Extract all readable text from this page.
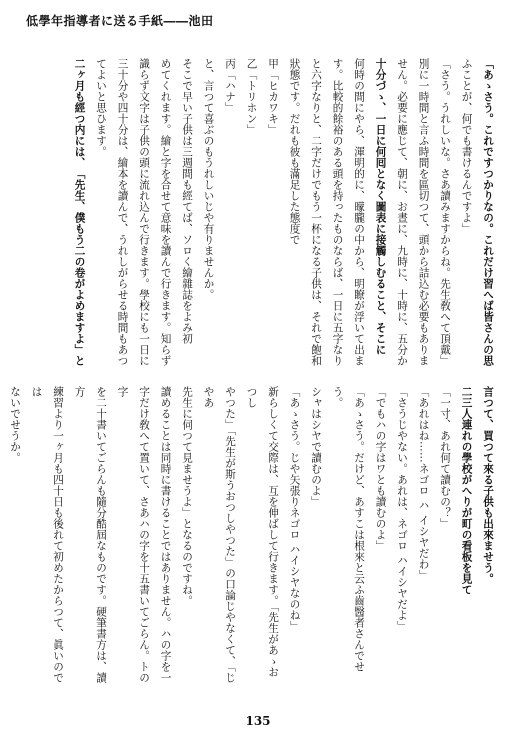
低學年指導者に送る手紙――池田
「あゝさう。これですつかりなの。これだけ習へば皆さんの思
ふことが、何でも書けるんですよ」
「さう。うれしいな。さあ讀みますからね。先生敎へて頂戴」
別に一時間と言ふ時間を區切つて、頭から詰込む必要もありま
せん。必要に應じて、朝に、お晝に、九時に、十時に、五分か
十分づゝ、一日に何囘となく圖表に接觸しむること、そこに
何時の間にやら、渾明的に、曚朧の中から、明瞭が浮いて出ま
す。比較的餘裕のある頭を持ったものならば、一日に五字なり
と六字なりと、二字だけでもう一杯になる子供は、それで飽和
狀態です。だれも彼も滿足した態度で
甲「ヒカワキ」
乙「トリホン」
丙「ハナ」
と、言つて喜ぶのもうれしいじや有りませんか。
そこで早い子供は三週間も經てば、ソロく繪雜誌をよみ初
めてくれます。繪と字を合せて意味を讀んで行きます。知らず
識らず文字は子供の頭に流れ込んで行きます。學校にも一日に
三十分や四十分は、繪本を讀んで、うれしがらせる時間もあつ
てよいと思ひます。
二ヶ月も經つ内には、「先生、僕もう二の卷がよめますよ」と
言つて、買つて來る子供も出來ませう。
二三人連れの學校がへりが町の看板を見て
「一寸、あれ何て讀むの？」
「あれはね……ネゴロ ハ イシヤだわ」
「さうじやない。あれは、ネゴロ ハイシヤだよ」
「でもハの字はワとも讀むのよ」
「あゝさう。だけど、あすこは根來と云ふ齒醫者さんでせう。
シャはシヤで讀むのよ」
「あゝさう。じや矢張りネゴロ ハイシヤなのね」
新らしくて交際は、互を伸ばして行きます。「先生があゝおつし
やつた」「先生が斯うおつしやつた」の口論じやなくて、「じやあ
先生に伺つて見ませうよ」となるのですね。
讀めることは同時に書けることではありません。ハの字を一
字だけ敎へて置いて、さあハの字を十五書いてごらん。トの字
を二十書いてごらんも隨分酷屆なものです。硬筆書方は、讀方
練習より一ヶ月も四十日も後れて初めたからつて、眞いのでは
ないでせうか。
135
